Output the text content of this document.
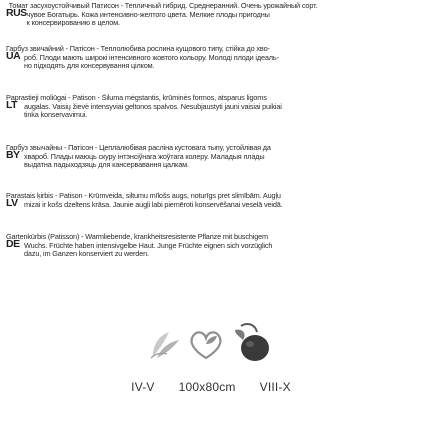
RUS
Томат засухоустойчивый Патисон - Тепличный гибрид. Среднеранний. Очень урожайный сорт.
чувое Богатырь. Кожа интенсивно-желтого цвета. Мелкие плоды пригодны
к консервированию в целом.
UA
Гарбуз звичайний - Патісон - Теплолюбива рослина кущового типу, стійка до хво-
роб. Плоди мають широкі інтенсивного жовтого кольору. Молоді плоди ідеаль-
но підходять для консервування цілком.
LT
Paprastieji moliūgai - Patison - Šiluma mėgstantis, krūminės formos, atsparus ligoms
augalas. Vaisių žievė intensyviai geltonos spalvos. Nesubjaustyti jauni vaisiai puikiai
tinka konservavimui.
BY
Гарбуз звычайны - Патісон - Цеплалюбівая расліна кустовага тыпу, устойлівая да
хвароб. Плады маюць скуру інтэнсіўнага жоўтага колеру. Маладыя плады
выдатна падыходзяць для кансервавання цалкам.
LV
Parastais ķirbis - Patison - Krūmveida, siltumu mīlošs augs, noturīgs pret slimībām. Augļu
mizai ir košs dzeltens krāsa. Jaunie augļi labi piemēroti konservēšanai veselā veidā.
DE
Gartenkürbis (Patisson) - Warmliebende, krankheitsresistente Pflanze mit buschigem
Wuchs. Früchte haben intensivgelbe Haut. Junge Früchte eignen sich vorzüglich
dazu, im Ganzen konserviert zu werden.
IV-V 100x80cm VIII-X
